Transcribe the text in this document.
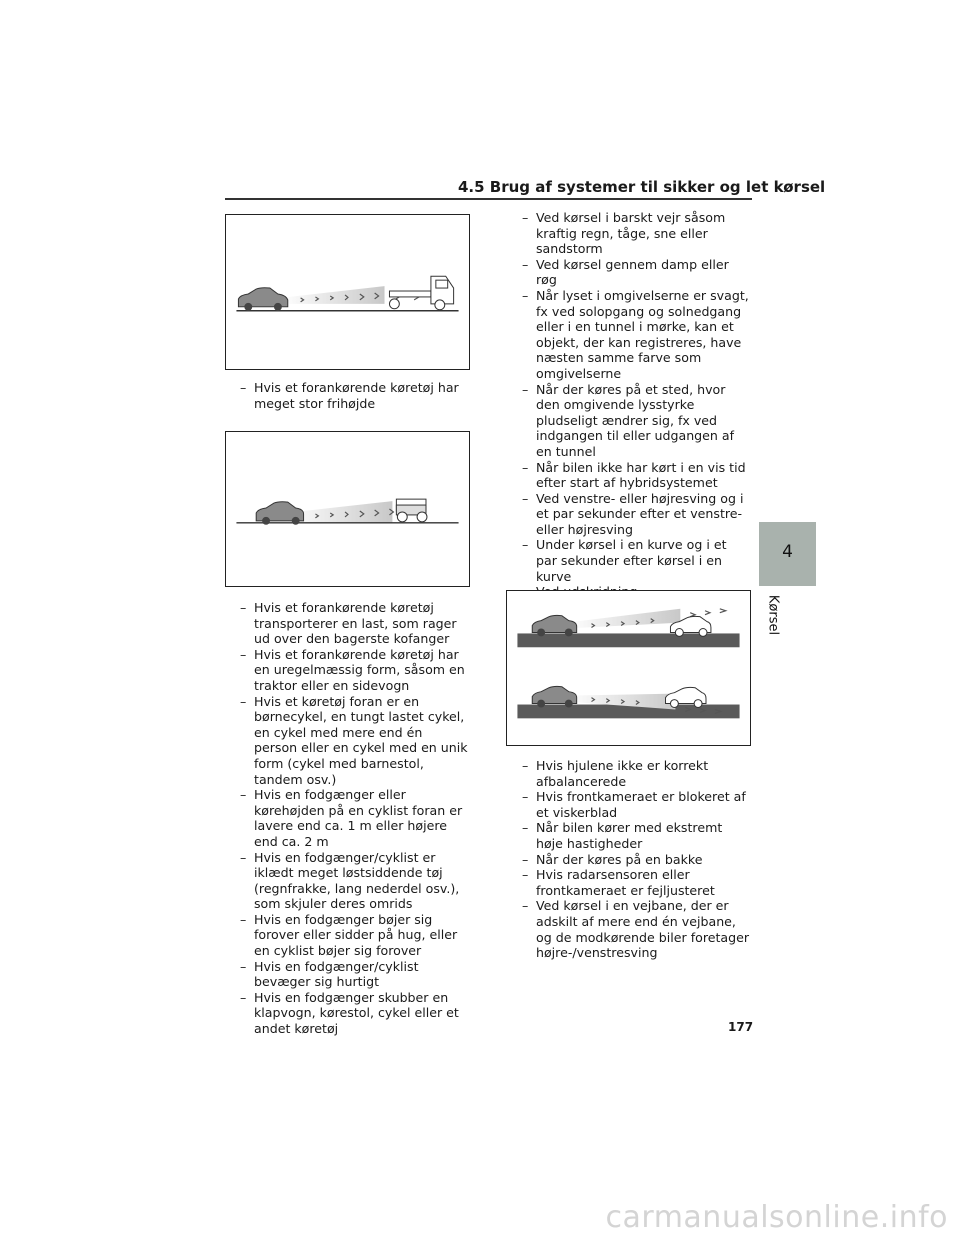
4.5 Brug af systemer til sikker og let kørsel
– Hvis et forankørende køretøj har meget stor frihøjde
– Hvis et forankørende køretøj transporterer en last, som rager ud over den bagerste kofanger
– Hvis et forankørende køretøj har en uregelmæssig form, såsom en traktor eller en sidevogn
– Hvis et køretøj foran er en børnecykel, en tungt lastet cykel, en cykel med mere end én person eller en cykel med en unik form (cykel med barnestol, tandem osv.)
– Hvis en fodgænger eller kørehøjden på en cyklist foran er lavere end ca. 1 m eller højere end ca. 2 m
– Hvis en fodgænger/cyklist er iklædt meget løstsiddende tøj (regnfrakke, lang nederdel osv.), som skjuler deres omrids
– Hvis en fodgænger bøjer sig forover eller sidder på hug, eller en cyklist bøjer sig forover
– Hvis en fodgænger/cyklist bevæger sig hurtigt
– Hvis en fodgænger skubber en klapvogn, kørestol, cykel eller et andet køretøj
– Ved kørsel i barskt vejr såsom kraftig regn, tåge, sne eller sandstorm
– Ved kørsel gennem damp eller røg
– Når lyset i omgivelserne er svagt, fx ved solopgang og solnedgang eller i en tunnel i mørke, kan et objekt, der kan registreres, have næsten samme farve som omgivelserne
– Når der køres på et sted, hvor den omgivende lysstyrke pludseligt ændrer sig, fx ved indgangen til eller udgangen af en tunnel
– Når bilen ikke har kørt i en vis tid efter start af hybridsystemet
– Ved venstre- eller højresving og i et par sekunder efter et venstre- eller højresving
– Under kørsel i en kurve og i et par sekunder efter kørsel i en kurve
–
–
– Hvis hjulene ikke er korrekt afbalancerede
– Hvis frontkameraet er blokeret af et viskerblad
– Når bilen kører med ekstremt høje hastigheder
– Når der køres på en bakke
– Hvis radarsensoren eller frontkameraet er fejljusteret
– Ved kørsel i en vejbane, der er adskilt af mere end én vejbane, og de modkørende biler foretager højre-/venstresving
4
Kørsel
177
carmanualsonline.info
